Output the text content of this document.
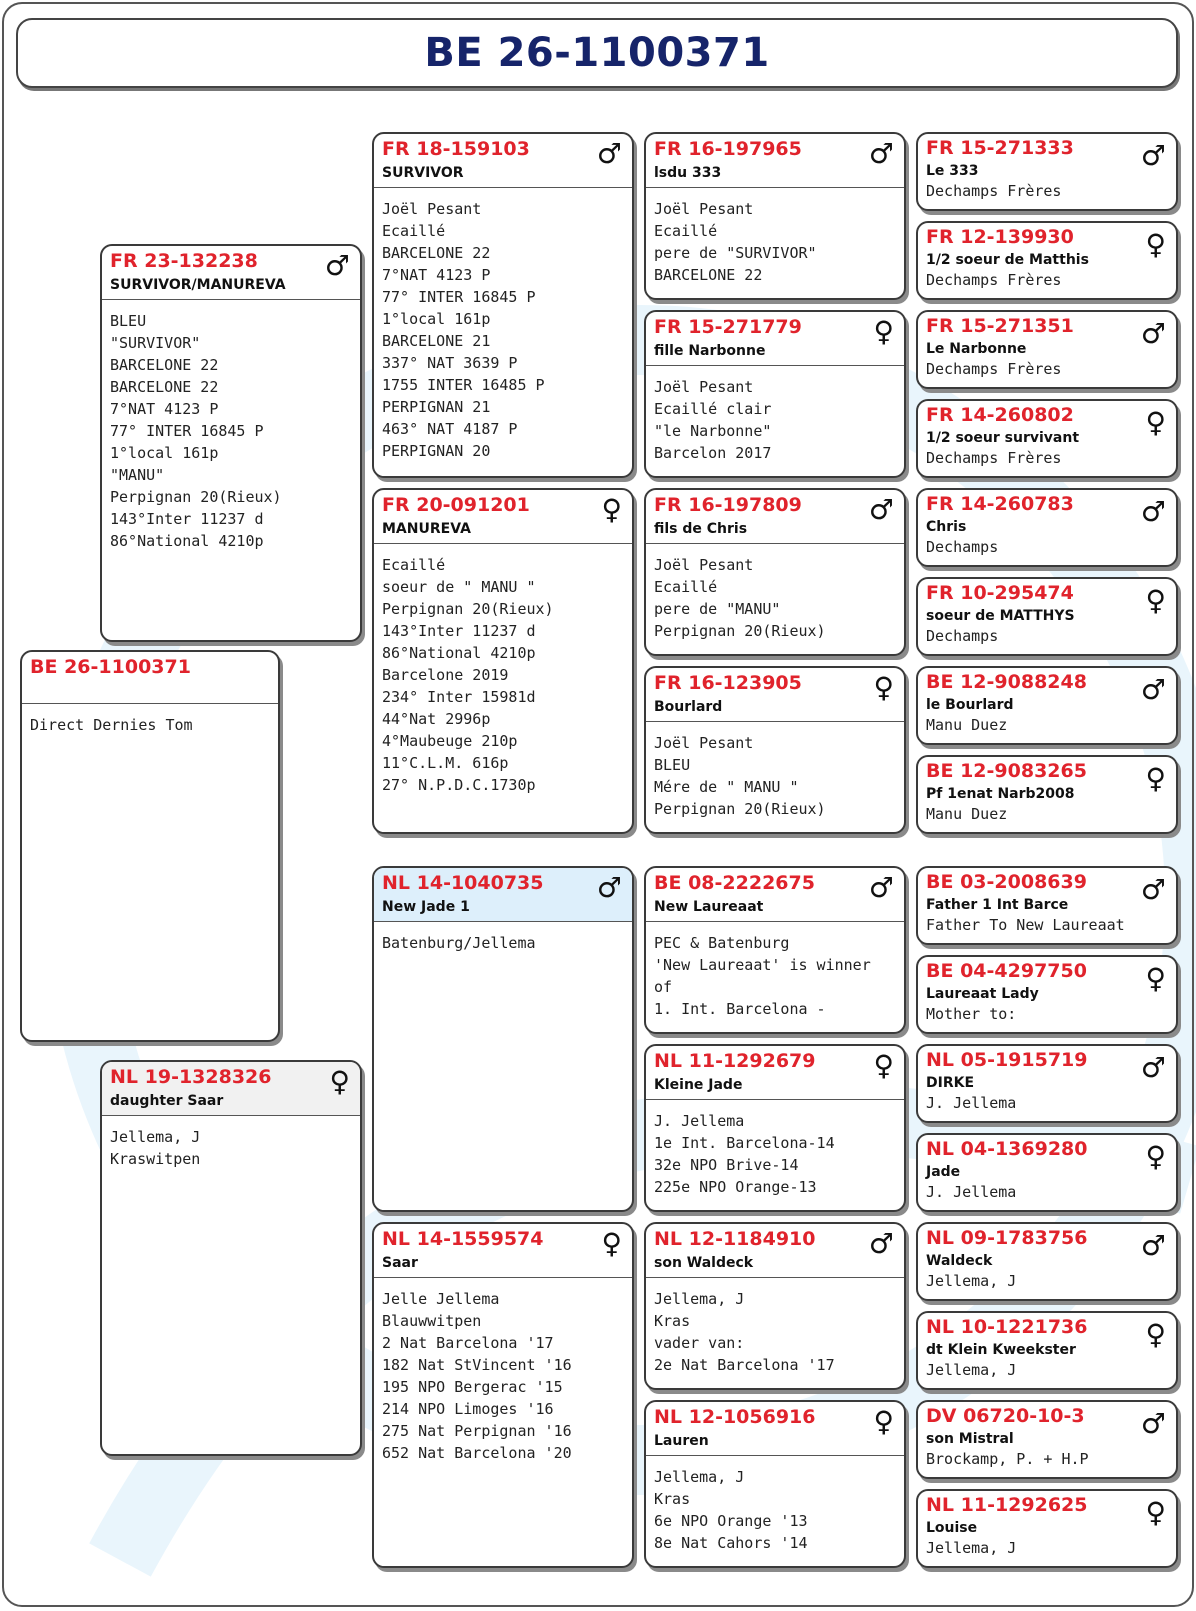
BE 26-1100371
BE 26-1100371
Direct Dernies Tom
FR 23-132238
SURVIVOR/MANUREVA
♂
BLEU
"SURVIVOR"
BARCELONE 22
BARCELONE 22
7°NAT 4123 P
77° INTER 16845 P
1°local 161p
"MANU"
Perpignan 20(Rieux)
143°Inter 11237 d
86°National 4210p
NL 19-1328326
daughter Saar
♀
Jellema, J
Kraswitpen
FR 18-159103
SURVIVOR
♂
Joël Pesant
Ecaillé
BARCELONE 22
7°NAT 4123 P
77° INTER 16845 P
1°local 161p
BARCELONE 21
337° NAT 3639 P
1755 INTER 16485 P
PERPIGNAN 21
463° NAT 4187 P
PERPIGNAN 20
FR 20-091201
MANUREVA
♀
Ecaillé
soeur de " MANU "
Perpignan 20(Rieux)
143°Inter 11237 d
86°National 4210p
Barcelone 2019
234° Inter 15981d
44°Nat 2996p
4°Maubeuge 210p
11°C.L.M. 616p
27° N.P.D.C.1730p
NL 14-1040735
New Jade 1
♂
Batenburg/Jellema
NL 14-1559574
Saar
♀
Jelle Jellema
Blauwwitpen
2 Nat Barcelona '17
182 Nat StVincent '16
195 NPO Bergerac '15
214 NPO Limoges '16
275 Nat Perpignan '16
652 Nat Barcelona '20
FR 16-197965
lsdu 333
♂
Joël Pesant
Ecaillé
pere de "SURVIVOR"
BARCELONE 22
FR 15-271779
fille Narbonne
♀
Joël Pesant
Ecaillé clair
"le Narbonne"
Barcelon 2017
FR 16-197809
fils de Chris
♂
Joël Pesant
Ecaillé
pere de "MANU"
Perpignan 20(Rieux)
FR 16-123905
Bourlard
♀
Joël Pesant
BLEU
Mére de " MANU "
Perpignan 20(Rieux)
BE 08-2222675
New Laureaat
♂
PEC & Batenburg
'New Laureaat' is winner
of
1. Int. Barcelona -
NL 11-1292679
Kleine Jade
♀
J. Jellema
1e Int. Barcelona-14
32e NPO Brive-14
225e NPO Orange-13
NL 12-1184910
son Waldeck
♂
Jellema, J
Kras
vader van:
2e Nat Barcelona '17
NL 12-1056916
Lauren
♀
Jellema, J
Kras
6e NPO Orange '13
8e Nat Cahors '14
FR 15-271333
Le 333	♂
Dechamps Frères
FR 12-139930
1/2 soeur de Matthis ♀
Dechamps Frères
FR 15-271351
Le Narbonne	♂
Dechamps Frères
FR 14-260802
1/2 soeur survivant ♀
Dechamps Frères
FR 14-260783
Chris	♂
Dechamps
FR 10-295474
soeur de MATTHYS	♀
Dechamps
BE 12-9088248
le Bourlard	♂
Manu Duez
BE 12-9083265
Pf 1enat Narb2008	♀
Manu Duez
BE 03-2008639
Father 1 Int Barce	♂
Father To New Laureaat
BE 04-4297750
Laureaat Lady	♀
Mother to:
NL 05-1915719
DIRKE	♂
J. Jellema
NL 04-1369280
Jade	♀
J. Jellema
NL 09-1783756
Waldeck	♂
Jellema, J
NL 10-1221736
dt Klein Kweekster ♀
Jellema, J
DV 06720-10-3
son Mistral	♂
Brockamp, P. + H.P
NL 11-1292625
Louise	♀
Jellema, J
